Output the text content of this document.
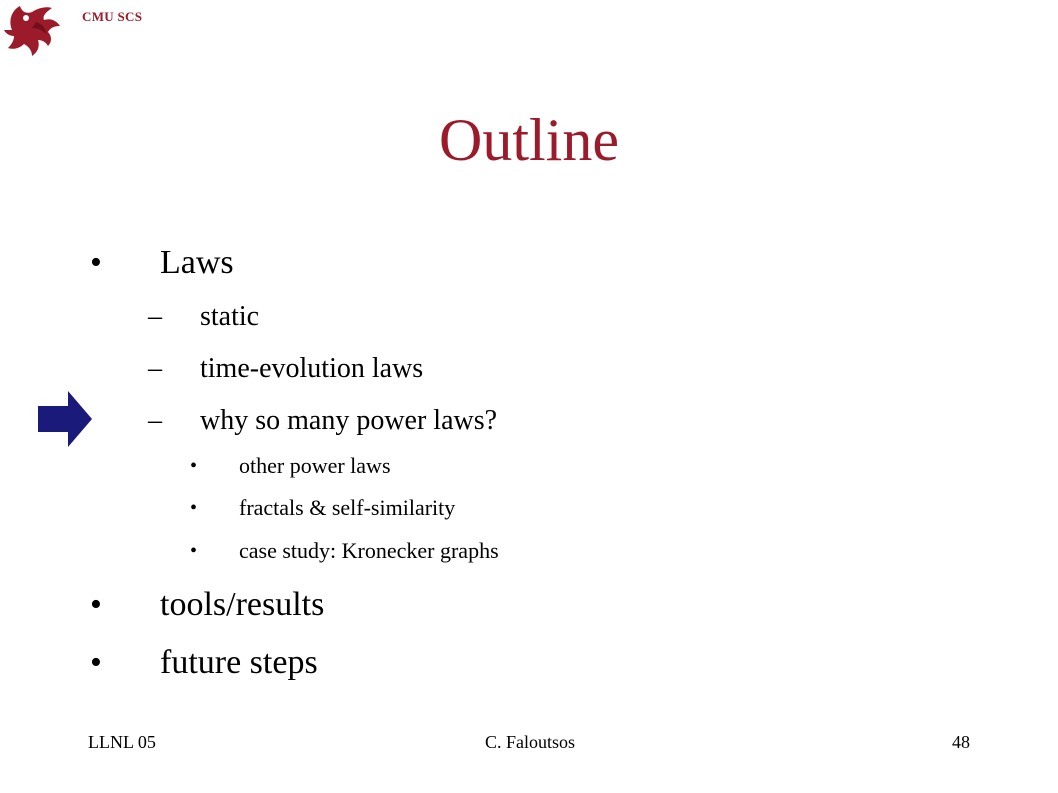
CMU SCS
Outline
• Laws
– static
– time-evolution laws
– why so many power laws?
• other power laws
• fractals & self-similarity
• case study: Kronecker graphs
• tools/results
• future steps
LLNL 05	C. Faloutsos	48
